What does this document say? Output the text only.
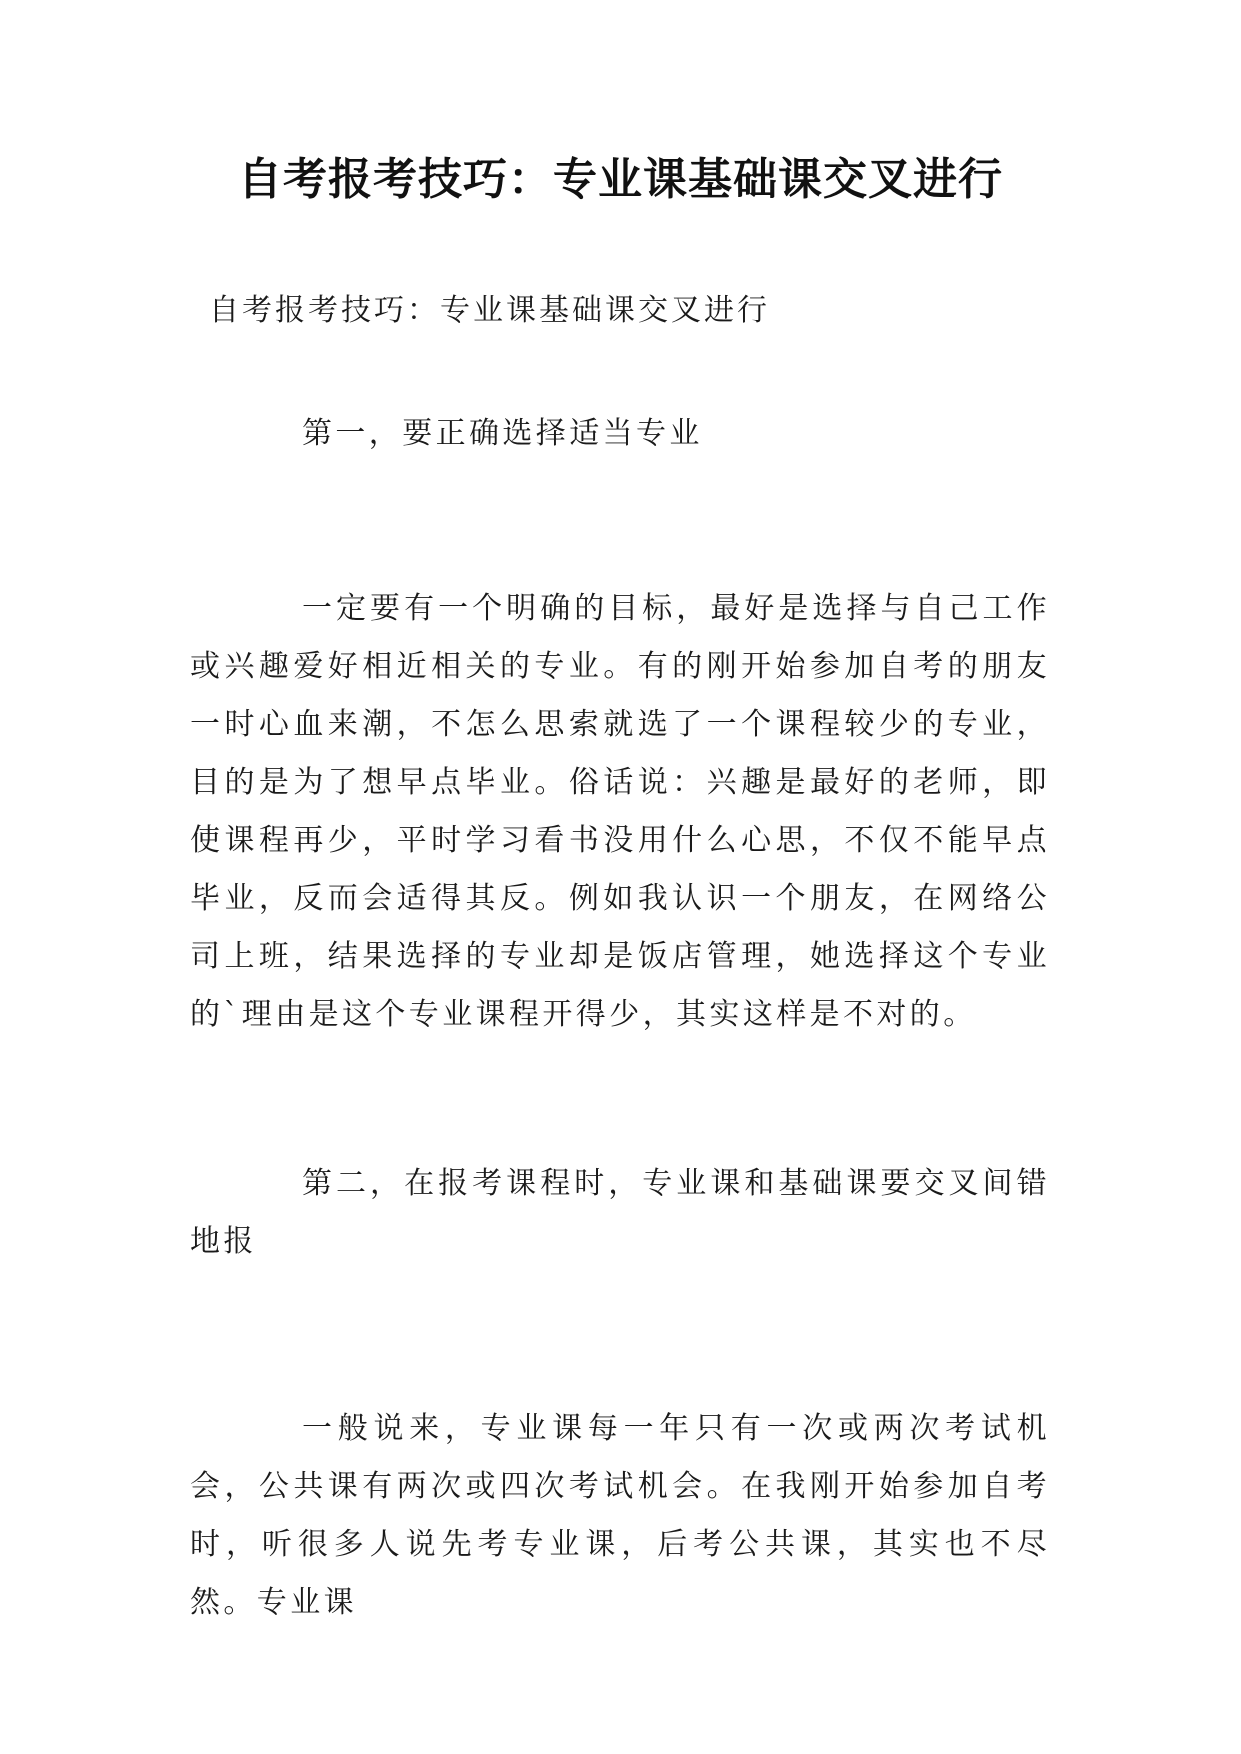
自考报考技巧：专业课基础课交叉进行
自考报考技巧：专业课基础课交叉进行

第一，要正确选择适当专业

一定要有一个明确的目标，最好是选择与自己工作或兴趣爱好相近相关的专业。有的刚开始参加自考的朋友一时心血来潮，不怎么思索就选了一个课程较少的专业，目的是为了想早点毕业。俗话说：兴趣是最好的老师，即使课程再少，平时学习看书没用什么心思，不仅不能早点毕业，反而会适得其反。例如我认识一个朋友，在网络公司上班，结果选择的专业却是饭店管理，她选择这个专业的`理由是这个专业课程开得少，其实这样是不对的。

第二，在报考课程时，专业课和基础课要交叉间错地报

一般说来，专业课每一年只有一次或两次考试机会，公共课有两次或四次考试机会。在我刚开始参加自考时，听很多人说先考专业课，后考公共课，其实也不尽然。专业课
